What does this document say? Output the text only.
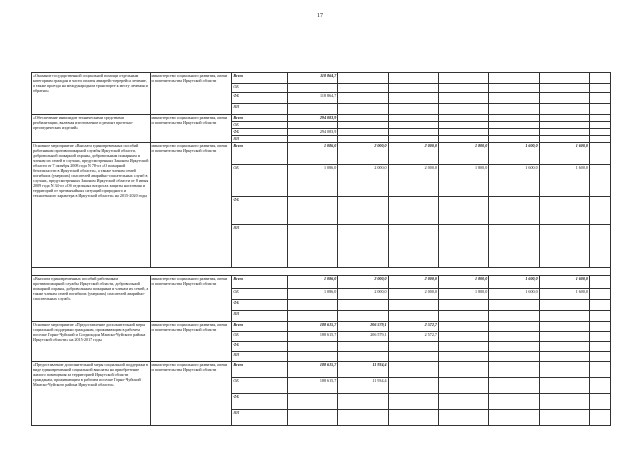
17
«Оказание государственной социальной помощи отдельным категориям граждан в части оплаты авиарейс-перерейса лечение, а также проезда на международном транспорте к месту лечения и обратно»	министерство социального развития, опеки и попечительства Иркутской области	Всего	118 864,7						
		ОБ							
		ФБ	118 864,7						
		ИИ							
«Обеспечение инвалидов техническими средствами реабилитации, включая изготовление и ремонт протезно-ортопедических изделий»	министерство социального развития, опеки и попечительства Иркутской области	Всего	294 083,9						
		ОБ							
		ФБ	294 083,9						
		ИИ							
Основное мероприятие «Выплата единовременных пособий работникам противопожарной службы Иркутской области, добровольной пожарной охраны, добровольным пожарным и членам их семей в случаях, предусмотренных Законом Иркутской области от 7 октября 2008 года N 78-оз «О пожарной безопасности в Иркутской области», а также членам семей погибших (умерших) спасателей аварийно-спасательных служб в случаях, предусмотренных Законом Иркутской области от 8 июня 2009 года N 34-оз «Об отдельных вопросах защиты населения и территорий от чрезвычайных ситуаций природного и техногенного характера в Иркутской области» на 2015-2020 годы	министерство социального развития, опеки и попечительства Иркутской области	Всего	1 086,0	2 000,0	2 000,0	1 800,0	1 600,0	1 600,0	
		ОБ	1 086,0	2 000,0	2 000,0	1 800,0	1 600,0	1 600,0	
		ФБ							
		ИИ							

«Выплата единовременных пособий работникам противопожарной службы Иркутской области, добровольной пожарной охраны, добровольным пожарным и членам их семей, а также членам семей погибших (умерших) спасателей аварийно-спасательных служб»	министерство социального развития, опеки и попечительства Иркутской области	Всего	1 086,0	2 000,0	2 000,0	1 800,0	1 600,0	1 600,0	
		ОБ	1 086,0	2 000,0	2 000,0	1 800,0	1 600,0	1 600,0	
		ФБ							
		ИИ							
Основное мероприятие «Предоставление дополнительной меры социальной поддержки гражданам, проживающим в рабочем поселке Горно-Чуйский и Согдиондон Мамско-Чуйского района Иркутской области» на 2015-2017 годы	министерство социального развития, опеки и попечительства Иркутской области	Всего	188 615,7	206 579,1	2 572,7				
		ОБ	188 615,7	206 579,1	2 572,7				
		ФБ							
		ИИ							
«Предоставление дополнительной меры социальной поддержки в виде единовременной социальной выплаты на приобретение жилого помещения за территорией Иркутской области гражданам, проживающим в рабочем поселке Горно-Чуйский Мамско-Чуйского района Иркутской области»	министерство социального развития, опеки и попечительства Иркутской области	Всего	188 615,7	11 934,4					
		ОБ	188 615,7	11 934,4					
		ФБ							
		ИИ							
